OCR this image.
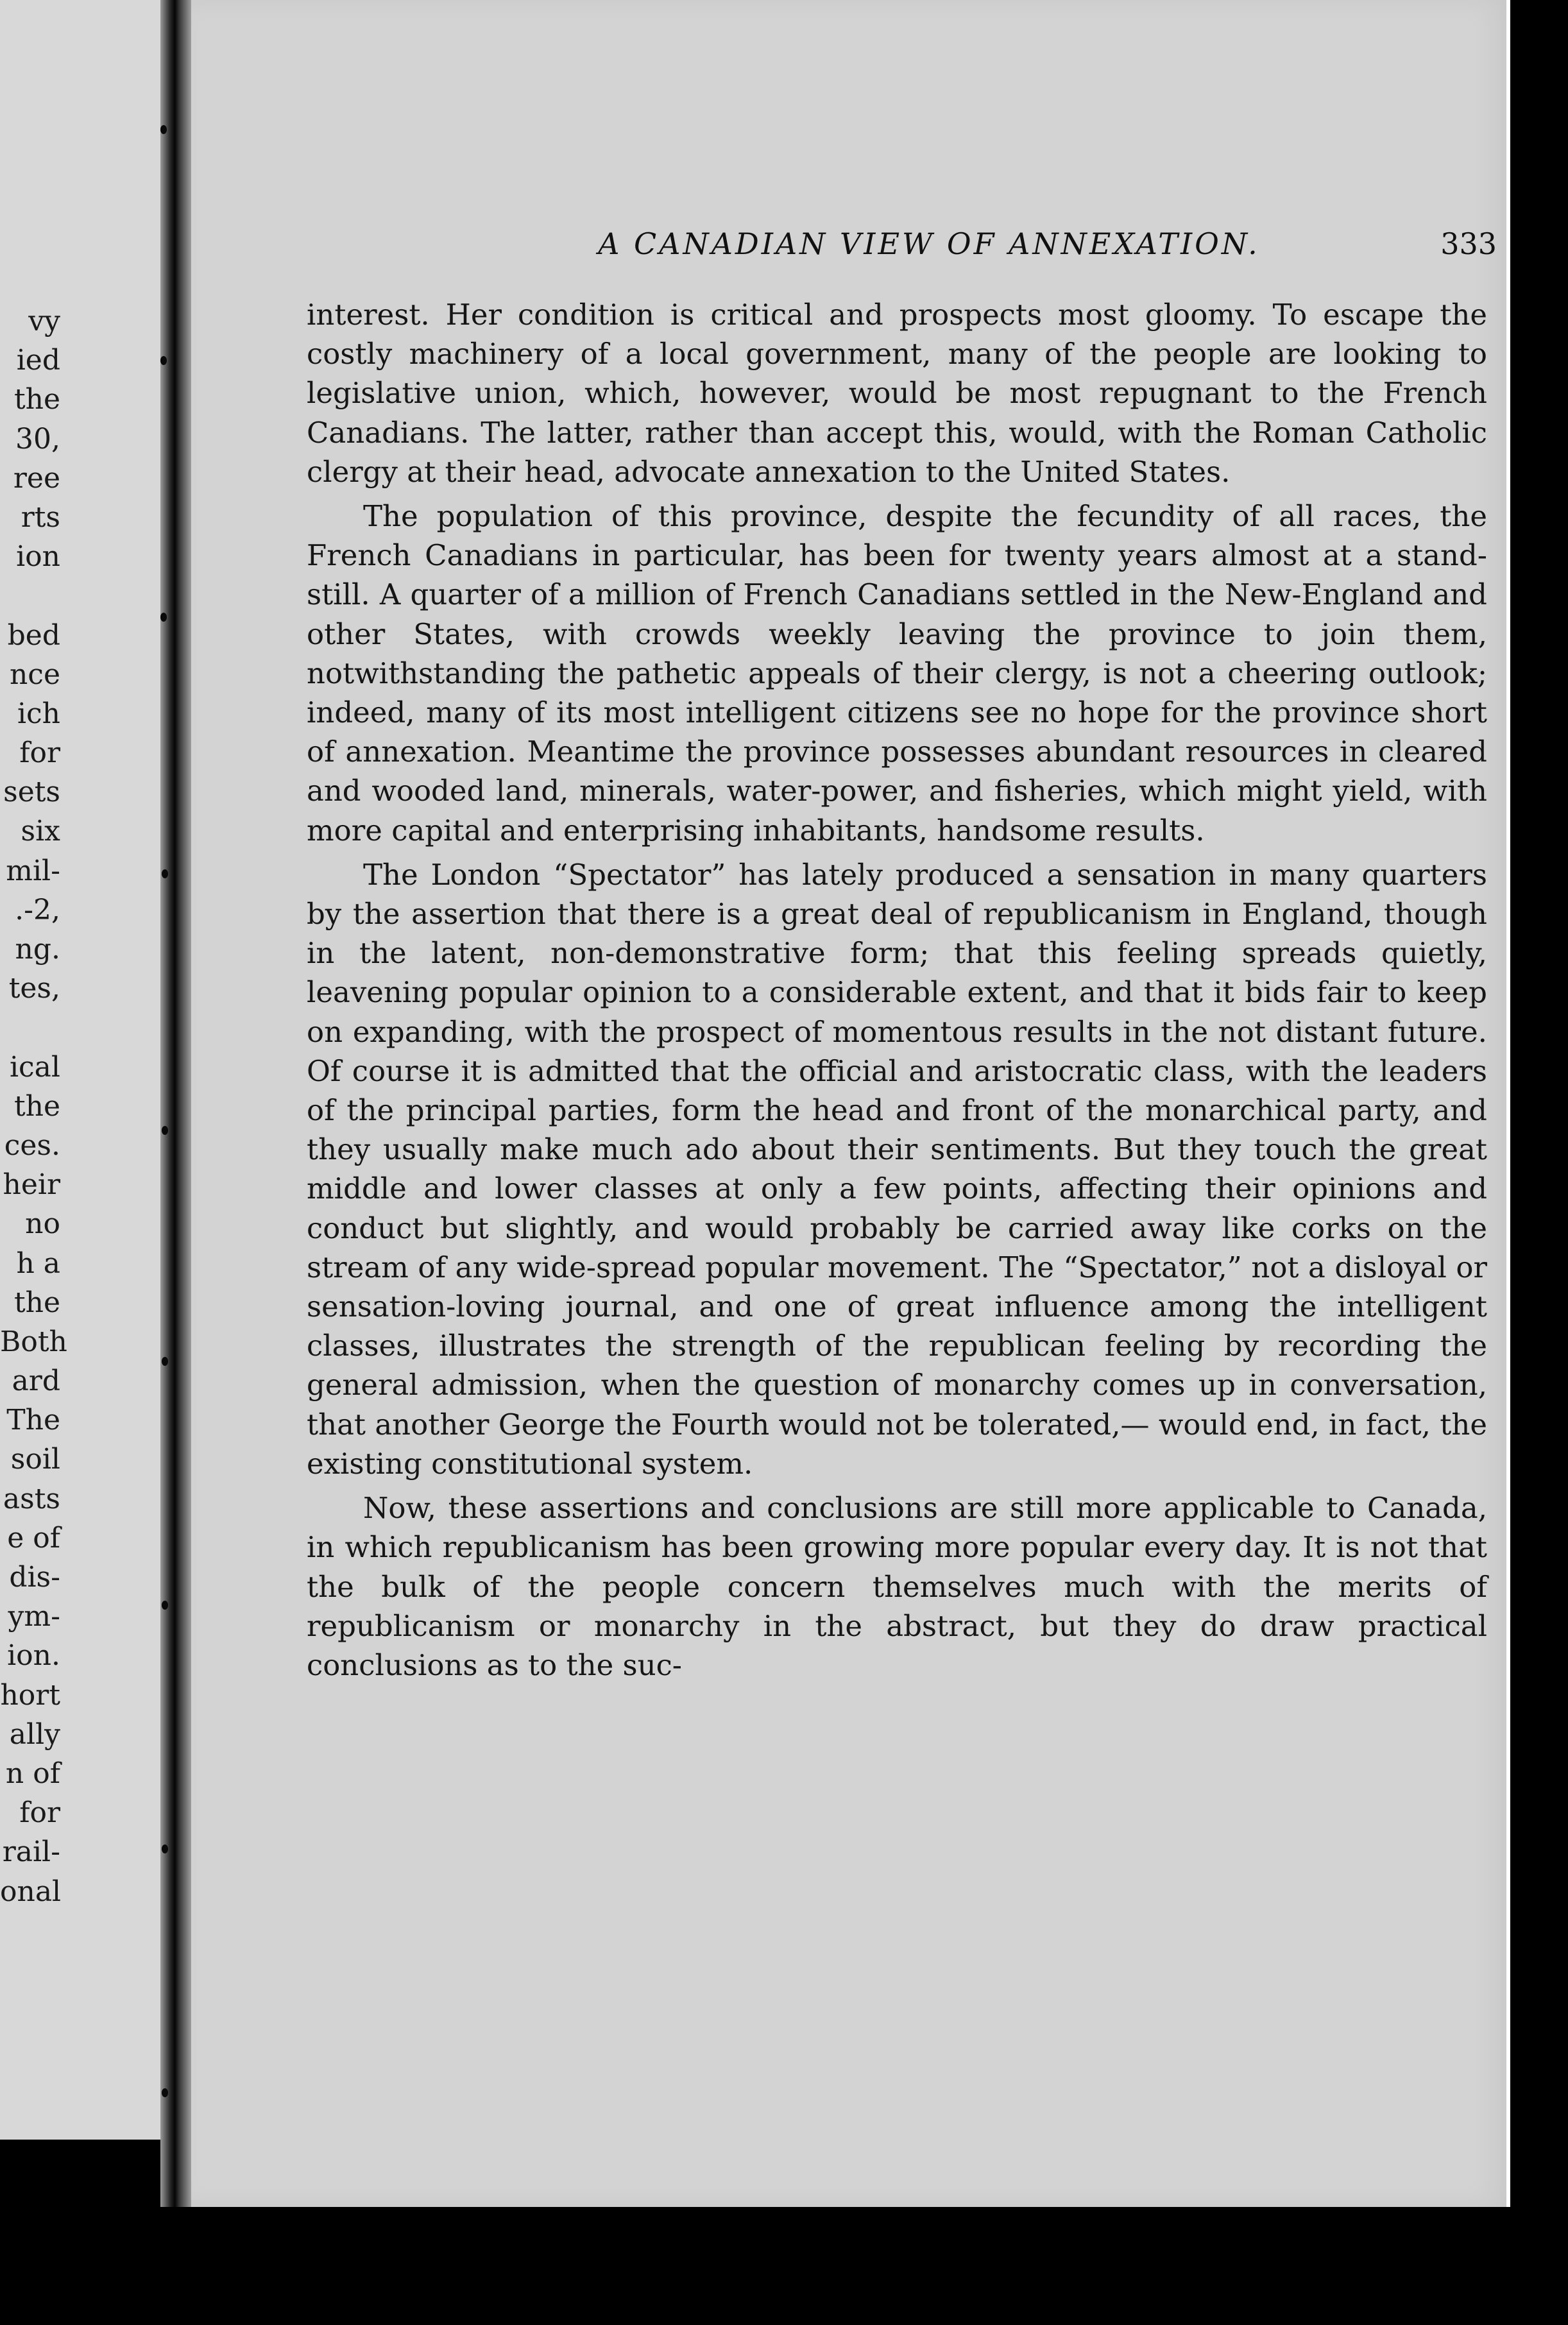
vy
ied
the
30,
ree
rts
ion
bed
nce
ich
for
sets
six
mil-
.-2,
ng.
tes,
ical
the
ces.
heir
no
h a
the
Both
ard
The
soil
asts
e of
dis-
ym-
ion.
hort
ally
n of
for
rail-
onal
A CANADIAN VIEW OF ANNEXATION.	333

interest. Her condition is critical and prospects most gloomy. To escape the costly machinery of a local government, many of the people are looking to legislative union, which, however, would be most repugnant to the French Canadians. The latter, rather than accept this, would, with the Roman Catholic clergy at their head, advocate annexation to the United States.

The population of this province, despite the fecundity of all races, the French Canadians in particular, has been for twenty years almost at a stand-still. A quarter of a million of French Canadians settled in the New-England and other States, with crowds weekly leaving the province to join them, notwithstanding the pathetic appeals of their clergy, is not a cheering outlook; indeed, many of its most intelligent citizens see no hope for the province short of annexation. Meantime the province possesses abundant resources in cleared and wooded land, minerals, water-power, and fisheries, which might yield, with more capital and enterprising inhabitants, handsome results.

The London “Spectator” has lately produced a sensation in many quarters by the assertion that there is a great deal of republicanism in England, though in the latent, non-demonstrative form; that this feeling spreads quietly, leavening popular opinion to a considerable extent, and that it bids fair to keep on expanding, with the prospect of momentous results in the not distant future. Of course it is admitted that the official and aristocratic class, with the leaders of the principal parties, form the head and front of the monarchical party, and they usually make much ado about their sentiments. But they touch the great middle and lower classes at only a few points, affecting their opinions and conduct but slightly, and would probably be carried away like corks on the stream of any wide-spread popular movement. The “Spectator,” not a disloyal or sensation-loving journal, and one of great influence among the intelligent classes, illustrates the strength of the republican feeling by recording the general admission, when the question of monarchy comes up in conversation, that another George the Fourth would not be tolerated,— would end, in fact, the existing constitutional system.

Now, these assertions and conclusions are still more applicable to Canada, in which republicanism has been growing more popular every day. It is not that the bulk of the people concern themselves much with the merits of republicanism or monarchy in the abstract, but they do draw practical conclusions as to the suc-
